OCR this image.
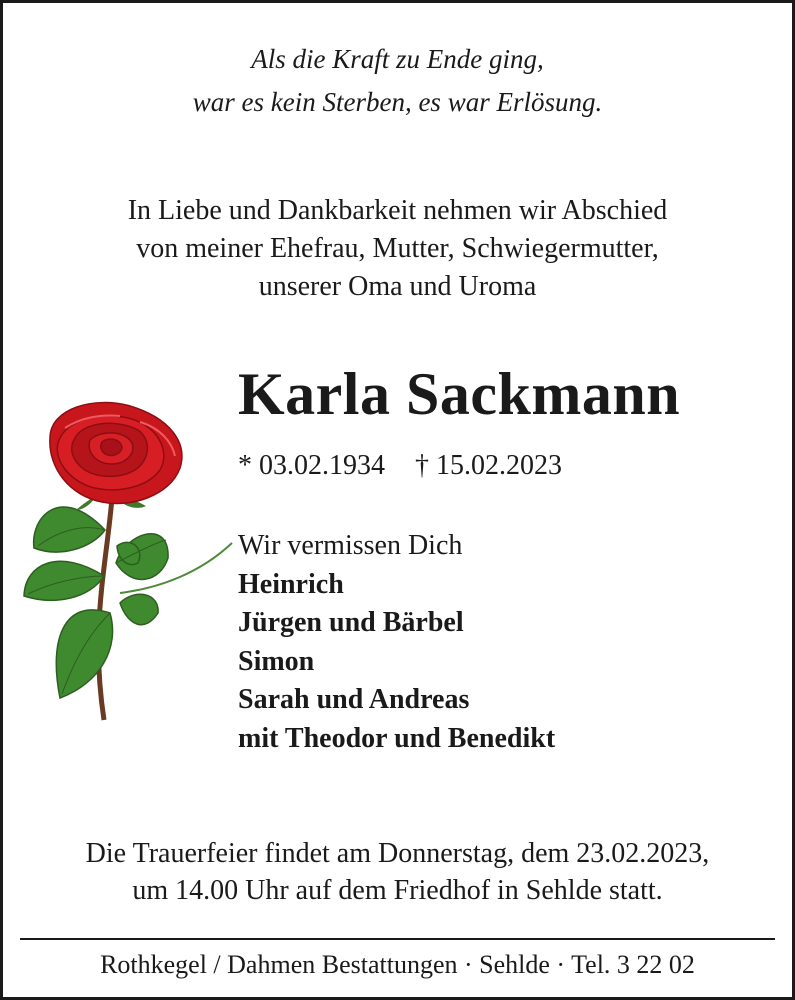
Als die Kraft zu Ende ging,
war es kein Sterben, es war Erlösung.
In Liebe und Dankbarkeit nehmen wir Abschied
von meiner Ehefrau, Mutter, Schwiegermutter,
unserer Oma und Uroma
Karla Sackmann
* 03.02.1934 † 15.02.2023
Wir vermissen Dich
Heinrich
Jürgen und Bärbel
Simon
Sarah und Andreas
mit Theodor und Benedikt
Die Trauerfeier findet am Donnerstag, dem 23.02.2023,
um 14.00 Uhr auf dem Friedhof in Sehlde statt.
Rothkegel / Dahmen Bestattungen · Sehlde · Tel. 3 22 02
